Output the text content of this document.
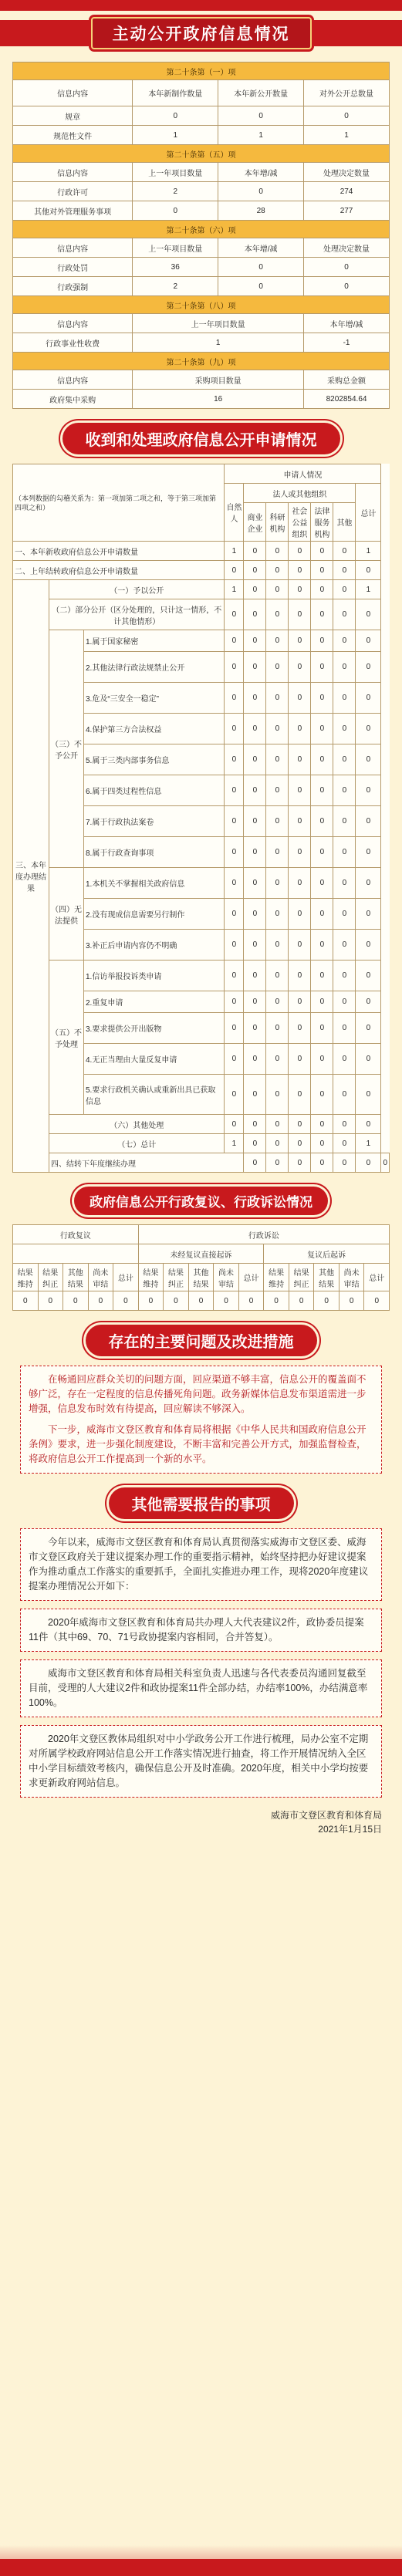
主动公开政府信息情况
第二十条第（一）项			
信息内容	本年新制作数量	本年新公开数量	对外公开总数量
规章	0	0	0
规范性文件	1	1	1
第二十条第（五）项			
信息内容	上一年项目数量	本年增/减	处理决定数量
行政许可	2	0	274
其他对外管理服务事项	0	28	277
第二十条第（六）项			
信息内容	上一年项目数量	本年增/减	处理决定数量
行政处罚	36	0	0
行政强制	2	0	0
第二十条第（八）项			
信息内容	上一年项目数量		本年增/减
行政事业性收费	1		-1
第二十条第（九）项			
信息内容	采购项目数量		采购总金额
政府集中采购	16		8202854.64
收到和处理政府信息公开申请情况
（本列数据的勾稽关系为：第一项加第二项之和，等于第三项加第四项之和）			申请人情况							
			自然人	法人或其他组织					总计	
				商业企业	科研机构	社会公益组织	法律服务机构	其他		
一、本年新收政府信息公开申请数量			1	0	0	0	0	0	1	
二、上年结转政府信息公开申请数量			0	0	0	0	0	0	0	
三、本年度办理结果	（一）予以公开		1	0	0	0	0	0	1	
	（二）部分公开（区分处理的，只计这一情形，不计其他情形）		0	0	0	0	0	0	0	
	（三）不予公开	1.属于国家秘密	0	0	0	0	0	0	0	
		2.其他法律行政法规禁止公开	0	0	0	0	0	0	0	
		3.危及“三安全一稳定”	0	0	0	0	0	0	0	
		4.保护第三方合法权益	0	0	0	0	0	0	0	
		5.属于三类内部事务信息	0	0	0	0	0	0	0	
		6.属于四类过程性信息	0	0	0	0	0	0	0	
		7.属于行政执法案卷	0	0	0	0	0	0	0	
		8.属于行政查询事项	0	0	0	0	0	0	0	
	（四）无法提供	1.本机关不掌握相关政府信息	0	0	0	0	0	0	0	
		2.没有现成信息需要另行制作	0	0	0	0	0	0	0	
		3.补正后申请内容仍不明确	0	0	0	0	0	0	0	
	（五）不予处理	1.信访举报投诉类申请	0	0	0	0	0	0	0	
		2.重复申请	0	0	0	0	0	0	0	
		3.要求提供公开出版物	0	0	0	0	0	0	0	
		4.无正当理由大量反复申请	0	0	0	0	0	0	0	
		5.要求行政机关确认或重新出具已获取信息	0	0	0	0	0	0	0	
	（六）其他处理		0	0	0	0	0	0	0	
	（七）总计		1	0	0	0	0	0	1	
	四、结转下年度继续办理			0	0	0	0	0	0	0
政府信息公开行政复议、行政诉讼情况
行政复议					行政诉讼									
					未经复议直接起诉					复议后起诉				
结果维持	结果纠正	其他结果	尚未审结	总计	结果维持	结果纠正	其他结果	尚未审结	总计	结果维持	结果纠正	其他结果	尚未审结	总计
0	0	0	0	0	0	0	0	0	0	0	0	0	0	0
存在的主要问题及改进措施

在畅通回应群众关切的问题方面，回应渠道不够丰富，信息公开的覆盖面不够广泛，存在一定程度的信息传播死角问题。政务新媒体信息发布渠道需进一步增强，信息发布时效有待提高，回应解读不够深入。

下一步，威海市文登区教育和体育局将根据《中华人民共和国政府信息公开条例》要求，进一步强化制度建设，不断丰富和完善公开方式，加强监督检查，将政府信息公开工作提高到一个新的水平。

其他需要报告的事项

今年以来，威海市文登区教育和体育局认真贯彻落实威海市文登区委、威海市文登区政府关于建议提案办理工作的重要指示精神，始终坚持把办好建议提案作为推动重点工作落实的重要抓手，全面扎实推进办理工作，现将2020年度建议提案办理情况公开如下：

2020年威海市文登区教育和体育局共办理人大代表建议2件，政协委员提案11件（其中69、70、71号政协提案内容相同，合并答复）。

威海市文登区教育和体育局相关科室负责人迅速与各代表委员沟通回复截至目前，受理的人大建议2件和政协提案11件全部办结，办结率100%，办结满意率100%。

2020年文登区教体局组织对中小学政务公开工作进行梳理，局办公室不定期对所属学校政府网站信息公开工作落实情况进行抽查，将工作开展情况纳入全区中小学目标绩效考核内，确保信息公开及时准确。2020年度，相关中小学均按要求更新政府网站信息。

威海市文登区教育和体育局
2021年1月15日
